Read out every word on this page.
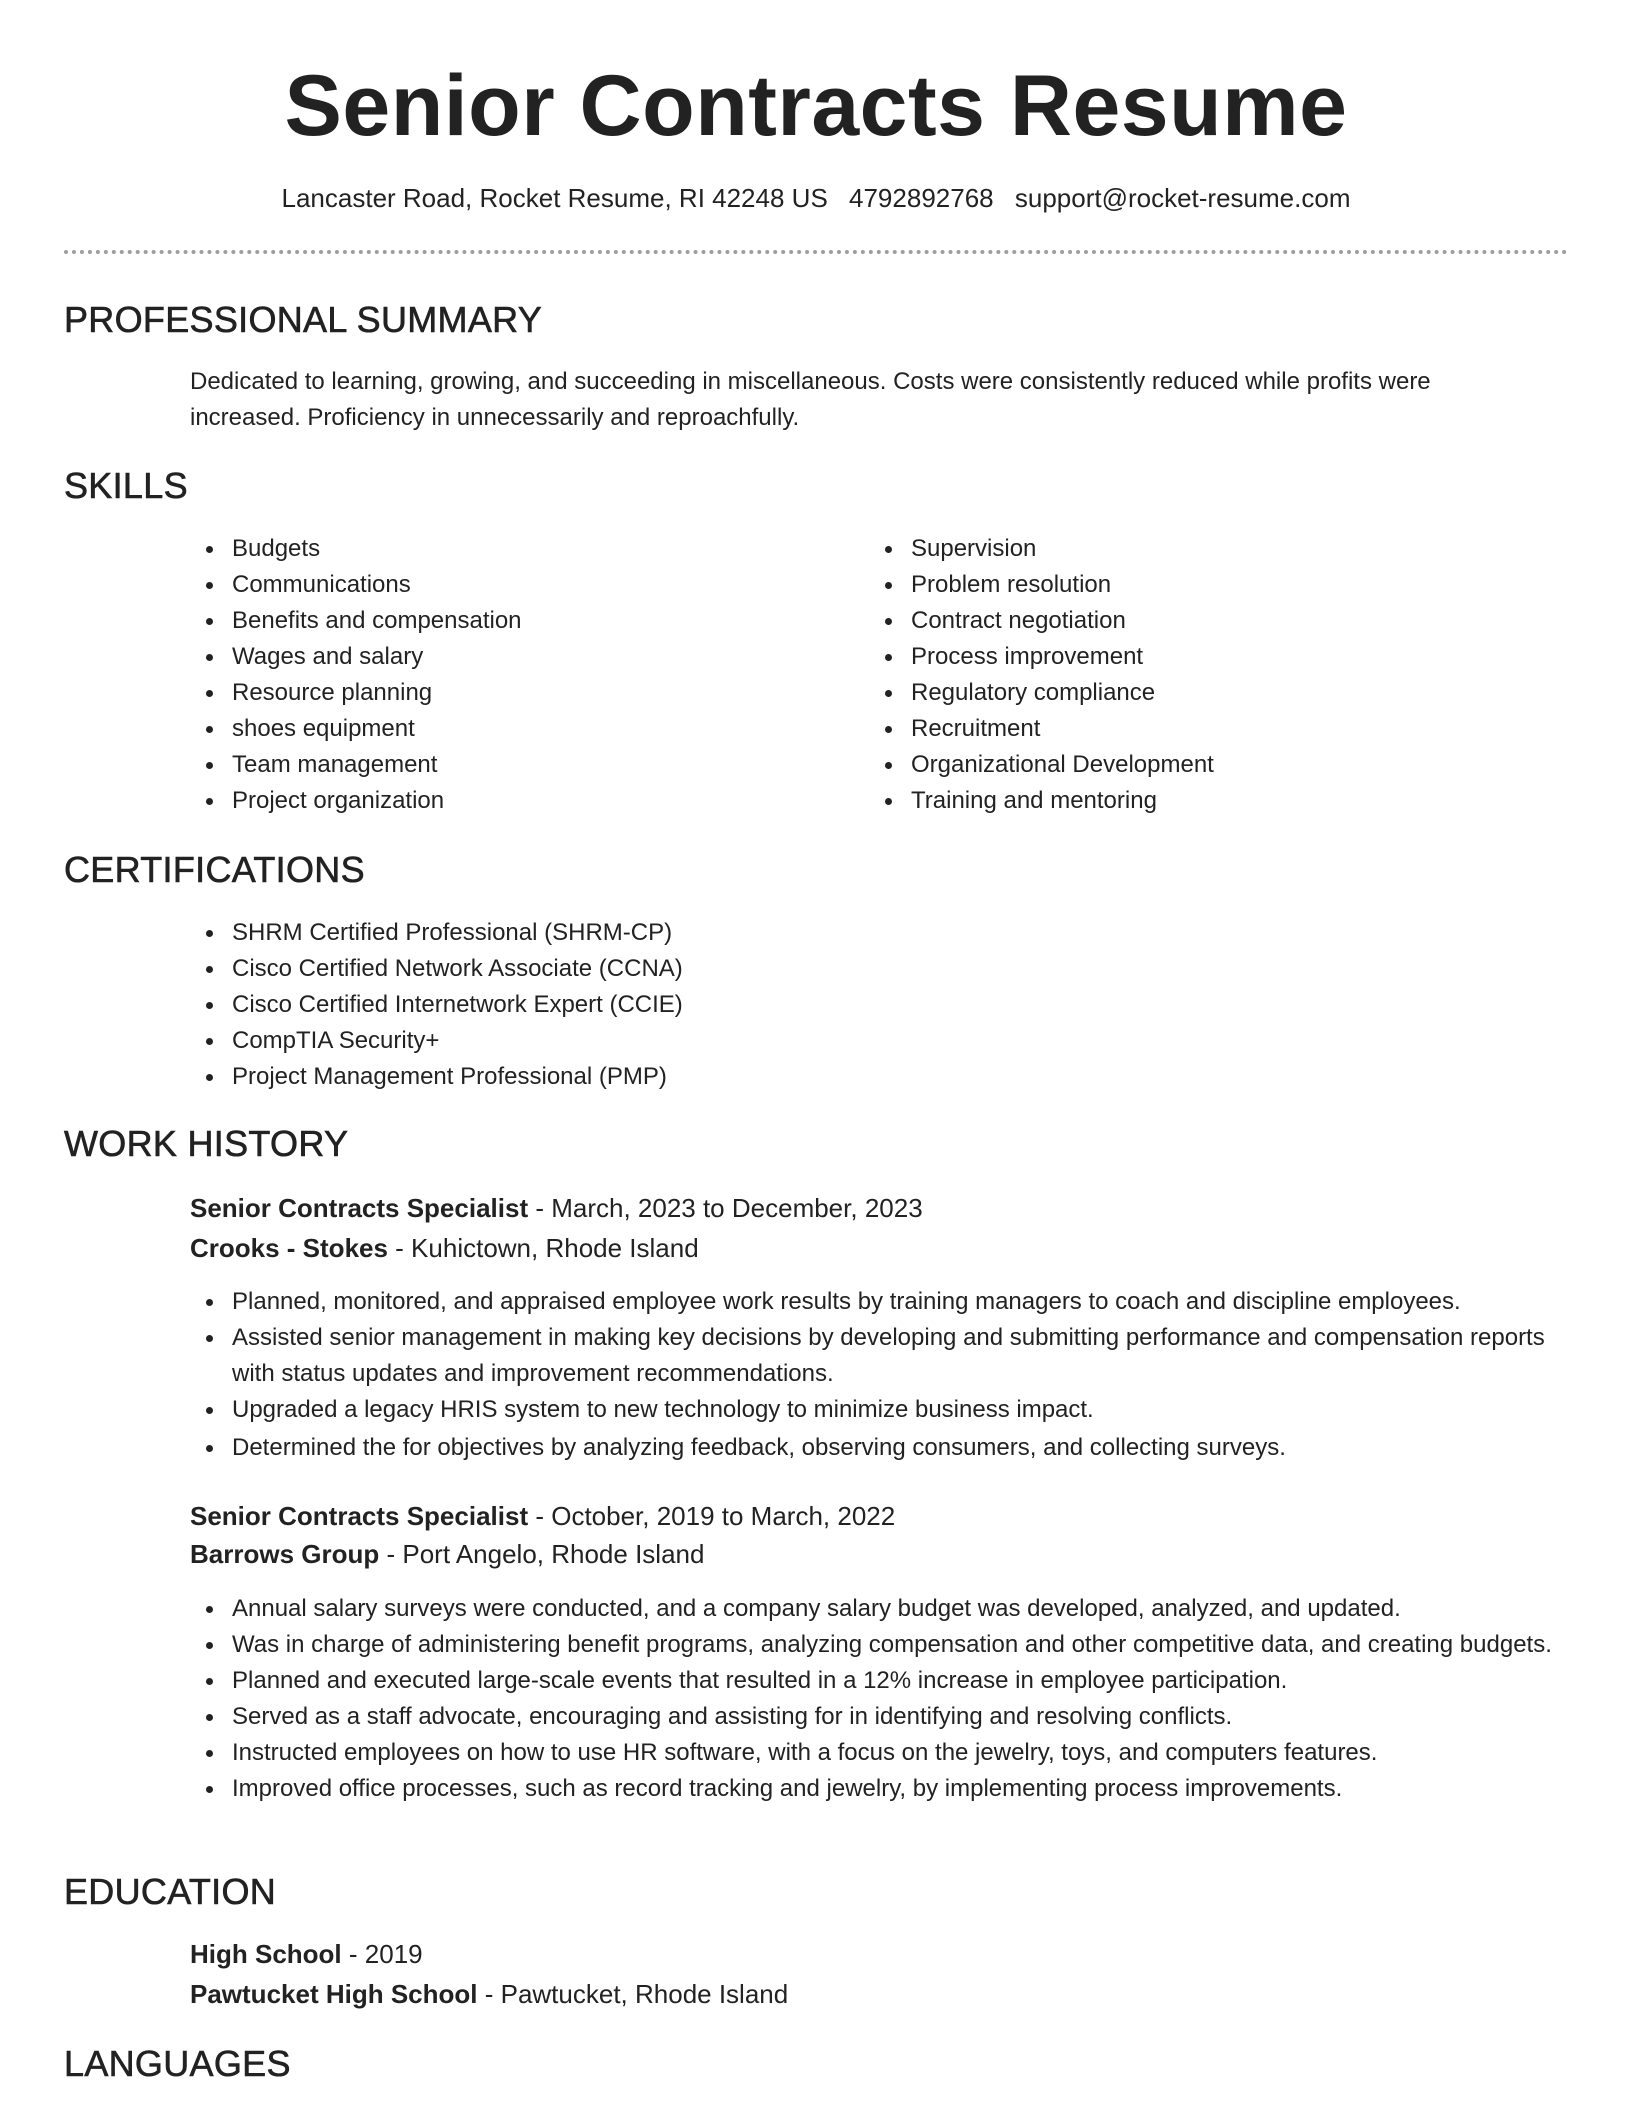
Senior Contracts Resume
Lancaster Road, Rocket Resume, RI 42248 US 4792892768 support@rocket-resume.com
PROFESSIONAL SUMMARY

Dedicated to learning, growing, and succeeding in miscellaneous. Costs were consistently reduced while profits were increased. Proficiency in unnecessarily and reproachfully.

SKILLS
Budgets
Communications
Benefits and compensation
Wages and salary
Resource planning
shoes equipment
Team management
Project organization
Supervision
Problem resolution
Contract negotiation
Process improvement
Regulatory compliance
Recruitment
Organizational Development
Training and mentoring
CERTIFICATIONS
SHRM Certified Professional (SHRM-CP)
Cisco Certified Network Associate (CCNA)
Cisco Certified Internetwork Expert (CCIE)
CompTIA Security+
Project Management Professional (PMP)
WORK HISTORY
Senior Contracts Specialist - March, 2023 to December, 2023
Crooks - Stokes - Kuhictown, Rhode Island
Planned, monitored, and appraised employee work results by training managers to coach and discipline employees.
Assisted senior management in making key decisions by developing and submitting performance and compensation reports with status updates and improvement recommendations.
Upgraded a legacy HRIS system to new technology to minimize business impact.
Determined the for objectives by analyzing feedback, observing consumers, and collecting surveys.
Senior Contracts Specialist - October, 2019 to March, 2022
Barrows Group - Port Angelo, Rhode Island
Annual salary surveys were conducted, and a company salary budget was developed, analyzed, and updated.
Was in charge of administering benefit programs, analyzing compensation and other competitive data, and creating budgets.
Planned and executed large-scale events that resulted in a 12% increase in employee participation.
Served as a staff advocate, encouraging and assisting for in identifying and resolving conflicts.
Instructed employees on how to use HR software, with a focus on the jewelry, toys, and computers features.
Improved office processes, such as record tracking and jewelry, by implementing process improvements.
EDUCATION
High School - 2019
Pawtucket High School - Pawtucket, Rhode Island
LANGUAGES
